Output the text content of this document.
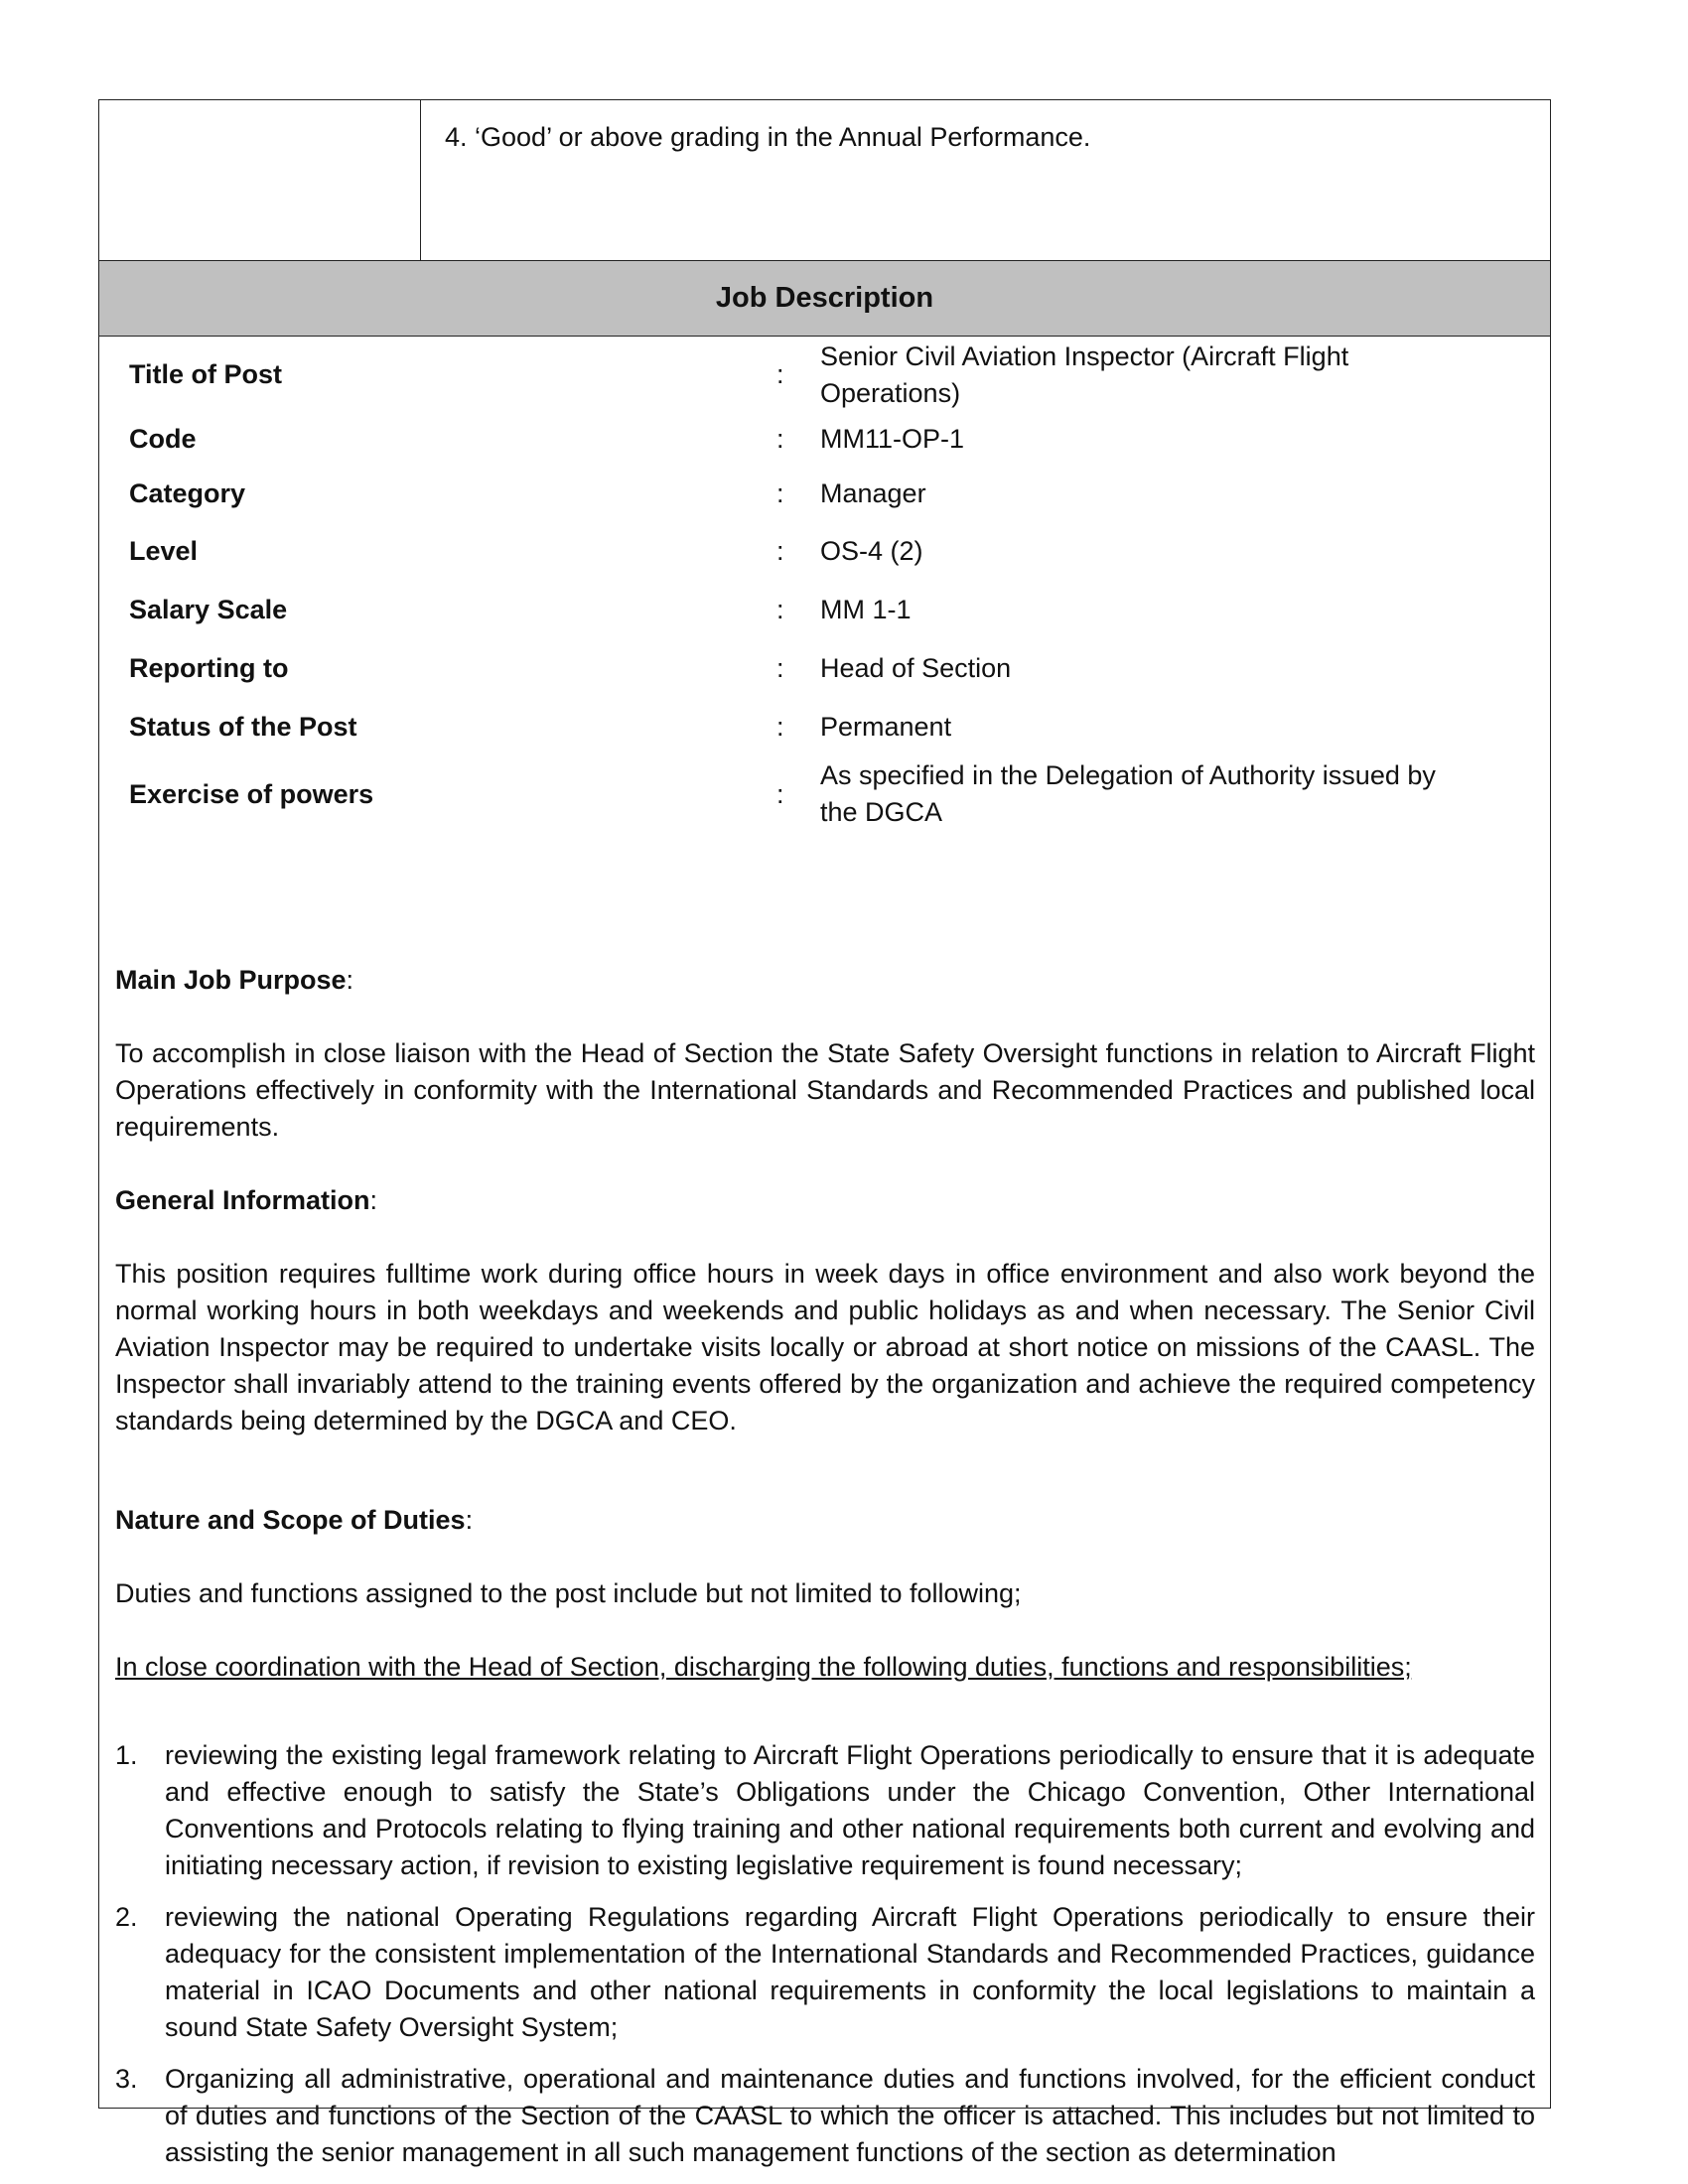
4. ‘Good’ or above grading in the Annual Performance.
Job Description
Title of Post	:
Senior Civil Aviation Inspector (Aircraft Flight Operations)
Code	: MM11-OP-1
Category	: Manager
Level	: OS-4 (2)
Salary Scale	: MM 1-1
Reporting to	: Head of Section
Status of the Post	: Permanent
Exercise of powers	:
As specified in the Delegation of Authority issued by the DGCA

Main Job Purpose:

To accomplish in close liaison with the Head of Section the State Safety Oversight functions in relation to Aircraft Flight Operations effectively in conformity with the International Standards and Recommended Practices and published local requirements.

General Information:

This position requires fulltime work during office hours in week days in office environment and also work beyond the normal working hours in both weekdays and weekends and public holidays as and when necessary. The Senior Civil Aviation Inspector may be required to undertake visits locally or abroad at short notice on missions of the CAASL. The Inspector shall invariably attend to the training events offered by the organization and achieve the required competency standards being determined by the DGCA and CEO.

Nature and Scope of Duties:

Duties and functions assigned to the post include but not limited to following;

In close coordination with the Head of Section, discharging the following duties, functions and responsibilities;

1. reviewing the existing legal framework relating to Aircraft Flight Operations periodically to ensure that it is adequate and effective enough to satisfy the State’s Obligations under the Chicago Convention, Other International Conventions and Protocols relating to flying training and other national requirements both current and evolving and initiating necessary action, if revision to existing legislative requirement is found necessary;
2. reviewing the national Operating Regulations regarding Aircraft Flight Operations periodically to ensure their adequacy for the consistent implementation of the International Standards and Recommended Practices, guidance material in ICAO Documents and other national requirements in conformity the local legislations to maintain a sound State Safety Oversight System;
3. Organizing all administrative, operational and maintenance duties and functions involved, for the efficient conduct of duties and functions of the Section of the CAASL to which the officer is attached. This includes but not limited to assisting the senior management in all such management functions of the section as determination
